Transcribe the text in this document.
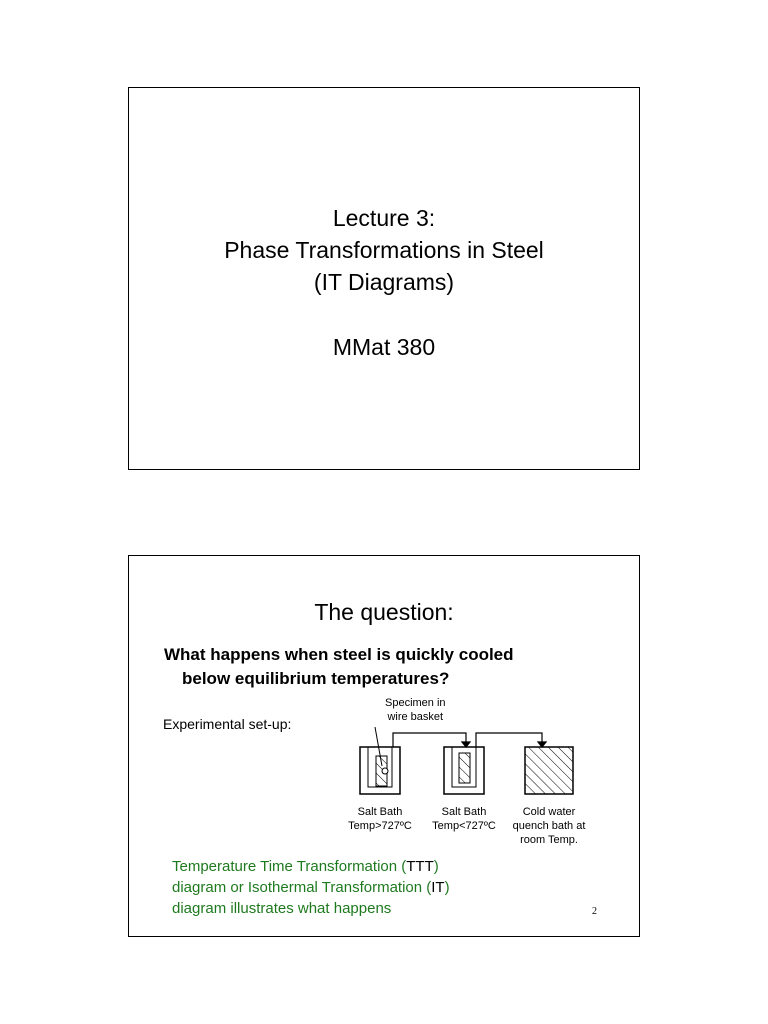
Lecture 3:
Phase Transformations in Steel
(IT Diagrams)
MMat 380
The question:
What happens when steel is quickly cooled
below equilibrium temperatures?
Experimental set-up:
Specimen in
wire basket
Salt Bath
Temp>727ºC
Salt Bath
Temp<727ºC
Cold water
quench bath at
room Temp.
Temperature Time Transformation (TTT)
diagram or Isothermal Transformation (IT)
diagram illustrates what happens	2
